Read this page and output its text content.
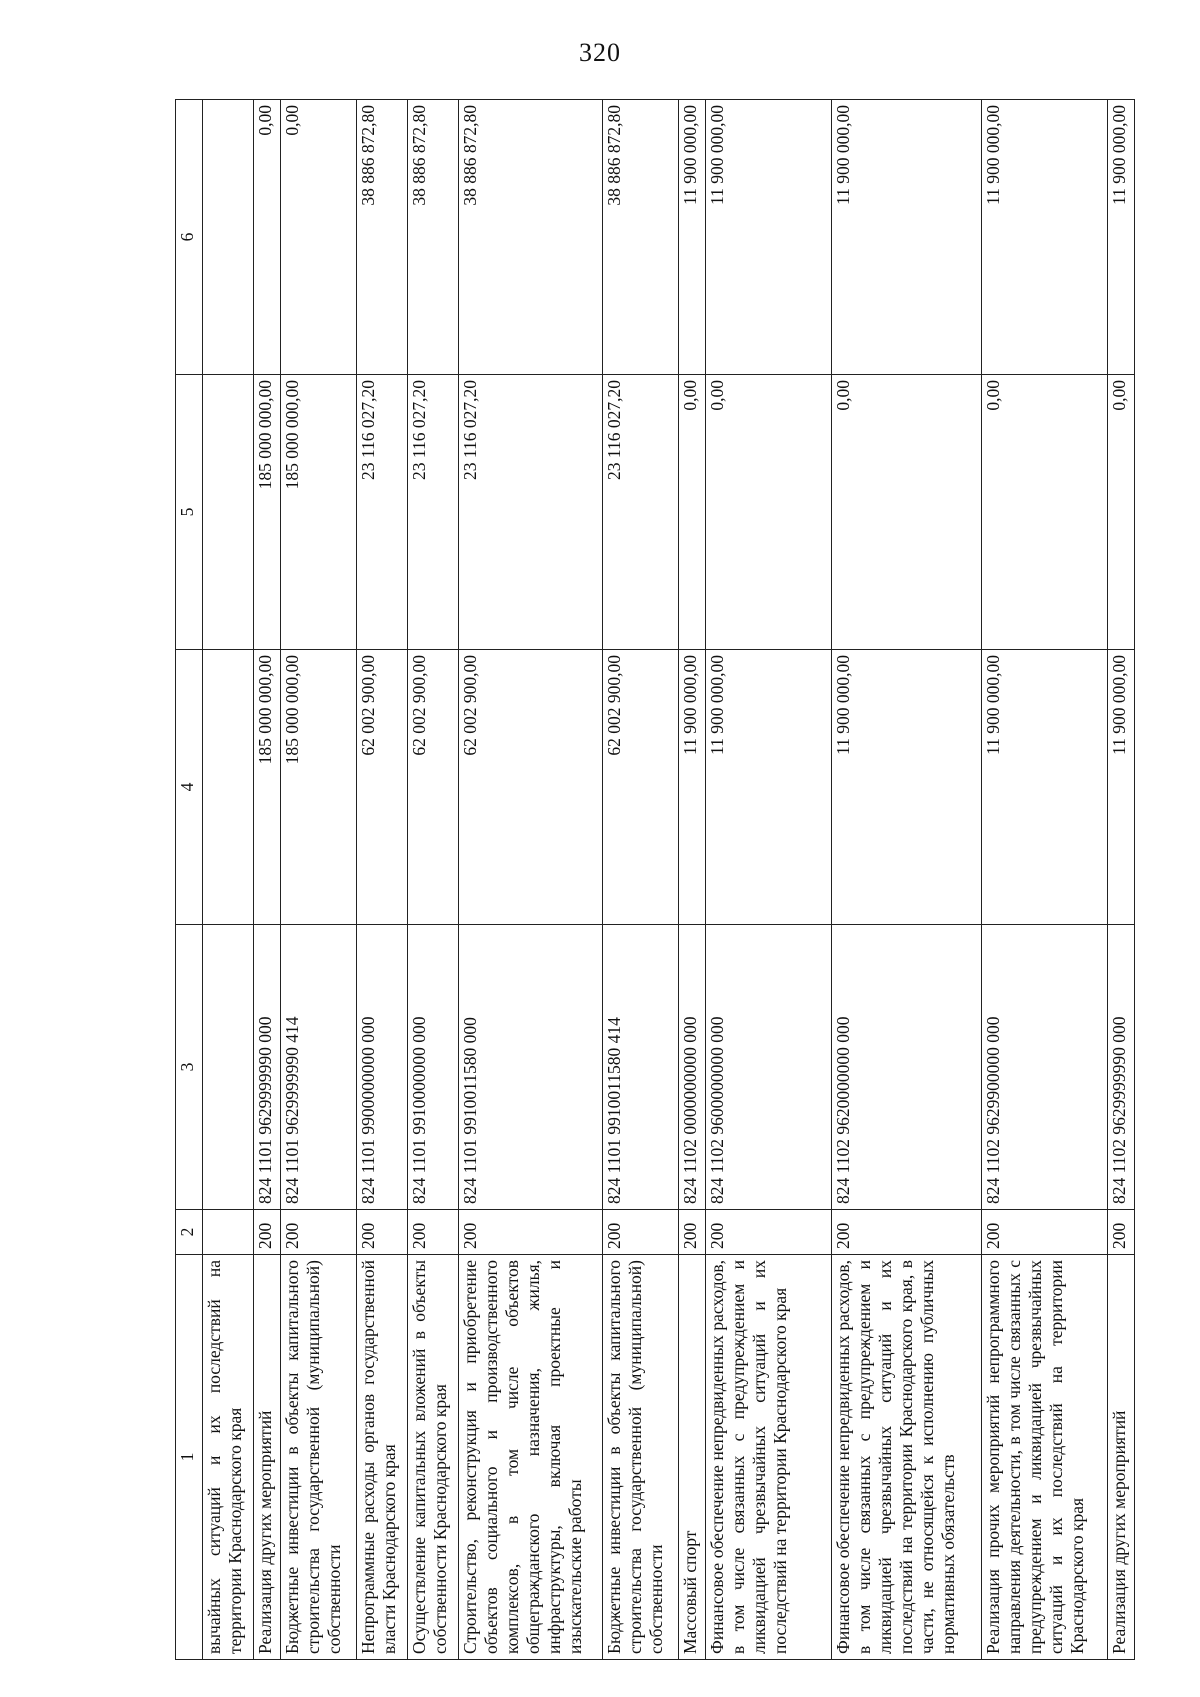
320
1	2	3	4	5	6
вычайных ситуаций и их последствий на территории Краснодарского края					
Реализация других мероприятий	200	824 1101 9629999990 000	185 000 000,00	185 000 000,00	0,00
Бюджетные инвестиции в объекты капитального строительства государственной (муниципальной) собственности	200	824 1101 9629999990 414	185 000 000,00	185 000 000,00	0,00
Непрограммные расходы органов государственной власти Краснодарского края	200	824 1101 9900000000 000	62 002 900,00	23 116 027,20	38 886 872,80
Осуществление капитальных вложений в объекты собственности Краснодарского края	200	824 1101 9910000000 000	62 002 900,00	23 116 027,20	38 886 872,80
Строительство, реконструкция и приобретение объектов социального и производственного комплексов, в том числе объектов общегражданского назначения, жилья, инфраструктуры, включая проектные и изыскательские работы	200	824 1101 9910011580 000	62 002 900,00	23 116 027,20	38 886 872,80
Бюджетные инвестиции в объекты капитального строительства государственной (муниципальной) собственности	200	824 1101 9910011580 414	62 002 900,00	23 116 027,20	38 886 872,80
Массовый спорт	200	824 1102 0000000000 000	11 900 000,00	0,00	11 900 000,00
Финансовое обеспечение непредвиденных расходов, в том числе связанных с предупреждением и ликвидацией чрезвычайных ситуаций и их последствий на территории Краснодарского края	200	824 1102 9600000000 000	11 900 000,00	0,00	11 900 000,00
Финансовое обеспечение непредвиденных расходов, в том числе связанных с предупреждением и ликвидацией чрезвычайных ситуаций и их последствий на территории Краснодарского края, в части, не относящейся к исполнению публичных нормативных обязательств	200	824 1102 9620000000 000	11 900 000,00	0,00	11 900 000,00
Реализация прочих мероприятий непрограммного направления деятельности, в том числе связанных с предупреждением и ликвидацией чрезвычайных ситуаций и их последствий на территории Краснодарского края	200	824 1102 9629900000 000	11 900 000,00	0,00	11 900 000,00
Реализация других мероприятий	200	824 1102 9629999990 000	11 900 000,00	0,00	11 900 000,00
